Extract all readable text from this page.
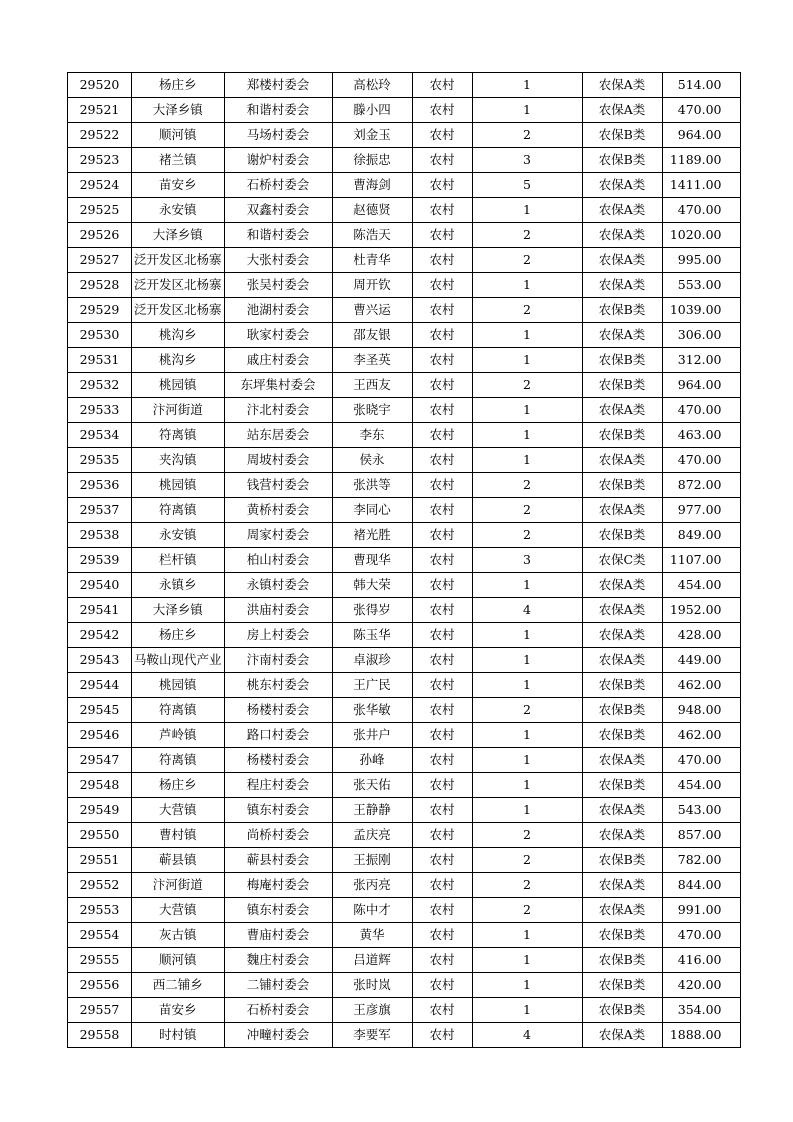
29520	杨庄乡	郑楼村委会	高松玲	农村	1	农保A类	514.00
29521	大泽乡镇	和谐村委会	滕小四	农村	1	农保A类	470.00
29522	顺河镇	马场村委会	刘金玉	农村	2	农保B类	964.00
29523	褚兰镇	谢炉村委会	徐振忠	农村	3	农保B类	1189.00
29524	苗安乡	石桥村委会	曹海剑	农村	5	农保A类	1411.00
29525	永安镇	双鑫村委会	赵德贤	农村	1	农保A类	470.00
29526	大泽乡镇	和谐村委会	陈浩天	农村	2	农保A类	1020.00
29527	泛开发区北杨寨	大张村委会	杜青华	农村	2	农保A类	995.00
29528	泛开发区北杨寨	张吴村委会	周开钦	农村	1	农保A类	553.00
29529	泛开发区北杨寨	池湖村委会	曹兴运	农村	2	农保B类	1039.00
29530	桃沟乡	耿家村委会	邵友银	农村	1	农保A类	306.00
29531	桃沟乡	戚庄村委会	李圣英	农村	1	农保B类	312.00
29532	桃园镇	东坪集村委会	王西友	农村	2	农保B类	964.00
29533	汴河街道	汴北村委会	张晓宇	农村	1	农保A类	470.00
29534	符离镇	站东居委会	李东	农村	1	农保B类	463.00
29535	夹沟镇	周坡村委会	侯永	农村	1	农保A类	470.00
29536	桃园镇	钱营村委会	张洪等	农村	2	农保B类	872.00
29537	符离镇	黄桥村委会	李同心	农村	2	农保A类	977.00
29538	永安镇	周家村委会	褚光胜	农村	2	农保B类	849.00
29539	栏杆镇	柏山村委会	曹现华	农村	3	农保C类	1107.00
29540	永镇乡	永镇村委会	韩大荣	农村	1	农保A类	454.00
29541	大泽乡镇	洪庙村委会	张得岁	农村	4	农保A类	1952.00
29542	杨庄乡	房上村委会	陈玉华	农村	1	农保A类	428.00
29543	马鞍山现代产业	汴南村委会	卓淑珍	农村	1	农保A类	449.00
29544	桃园镇	桃东村委会	王广民	农村	1	农保B类	462.00
29545	符离镇	杨楼村委会	张华敏	农村	2	农保B类	948.00
29546	芦岭镇	路口村委会	张井户	农村	1	农保B类	462.00
29547	符离镇	杨楼村委会	孙峰	农村	1	农保A类	470.00
29548	杨庄乡	程庄村委会	张天佑	农村	1	农保B类	454.00
29549	大营镇	镇东村委会	王静静	农村	1	农保A类	543.00
29550	曹村镇	尚桥村委会	孟庆亮	农村	2	农保A类	857.00
29551	蕲县镇	蕲县村委会	王振刚	农村	2	农保B类	782.00
29552	汴河街道	梅庵村委会	张丙亮	农村	2	农保A类	844.00
29553	大营镇	镇东村委会	陈中才	农村	2	农保A类	991.00
29554	灰古镇	曹庙村委会	黄华	农村	1	农保B类	470.00
29555	顺河镇	魏庄村委会	吕道辉	农村	1	农保B类	416.00
29556	西二铺乡	二铺村委会	张时岚	农村	1	农保B类	420.00
29557	苗安乡	石桥村委会	王彦旗	农村	1	农保B类	354.00
29558	时村镇	冲疃村委会	李要军	农村	4	农保A类	1888.00
